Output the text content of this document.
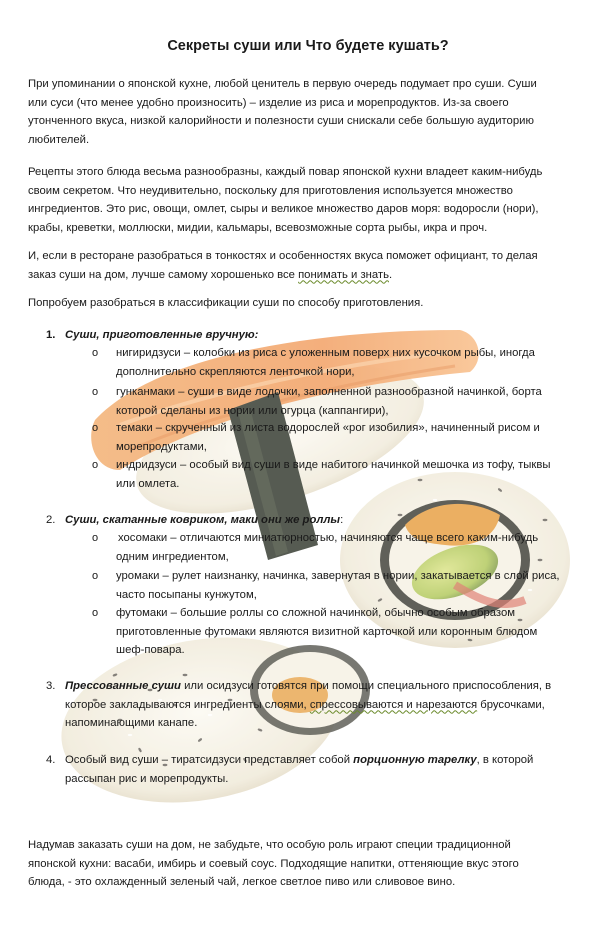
Секреты суши или Что будете кушать?
При упоминании о японской кухне, любой ценитель в первую очередь подумает про суши. Суши
или суси (что менее удобно произносить) – изделие из риса и морепродуктов. Из-за своего
утонченного вкуса, низкой калорийности и полезности суши снискали себе большую аудиторию
любителей.
Рецепты этого блюда весьма разнообразны, каждый повар японской кухни владеет каким-нибудь
своим секретом. Что неудивительно, поскольку для приготовления используется множество
ингредиентов. Это рис, овощи, омлет, сыры и великое множество даров моря: водоросли (нори),
крабы, креветки, моллюски, мидии, кальмары, всевозможные сорта рыбы, икра и проч.
И, если в ресторане разобраться в тонкостях и особенностях вкуса поможет официант, то делая
заказ суши на дом, лучше самому хорошенько все понимать и знать.
Попробуем разобраться в классификации суши по способу приготовления.
1. Суши, приготовленные вручную:
o нигиридзуси – колобки из риса с уложенным поверх них кусочком рыбы, иногда
дополнительно скрепляются ленточкой нори,
o гунканмаки – суши в виде лодочки, заполненной разнообразной начинкой, борта
которой сделаны из нории или огурца (каппангири),
o темаки – скрученный из листа водорослей «рог изобилия», начиненный рисом и
морепродуктами,
o индридзуси – особый вид суши в виде набитого начинкой мешочка из тофу, тыквы
или омлета.
2. Суши, скатанные ковриком, маки они же роллы:
o хосомаки – отличаются миниатюрностью, начиняются чаще всего каким-нибудь
одним ингредиентом,
o уромаки – рулет наизнанку, начинка, завернутая в нории, закатывается в слой риса,
часто посыпаны кунжутом,
o футомаки – большие роллы со сложной начинкой, обычно особым образом
приготовленные футомаки являются визитной карточкой или коронным блюдом
шеф-повара.
3. Прессованные суши или осидзуси готовятся при помощи специального приспособления, в
которое закладываются ингредиенты слоями, спрессовываются и нарезаются брусочками,
напоминающими канапе.
4. Особый вид суши – тиратсидзуси представляет собой порционную тарелку, в которой
рассыпан рис и морепродукты.
Надумав заказать суши на дом, не забудьте, что особую роль играют специи традиционной
японской кухни: васаби, имбирь и соевый соус. Подходящие напитки, оттеняющие вкус этого
блюда, - это охлажденный зеленый чай, легкое светлое пиво или сливовое вино.
